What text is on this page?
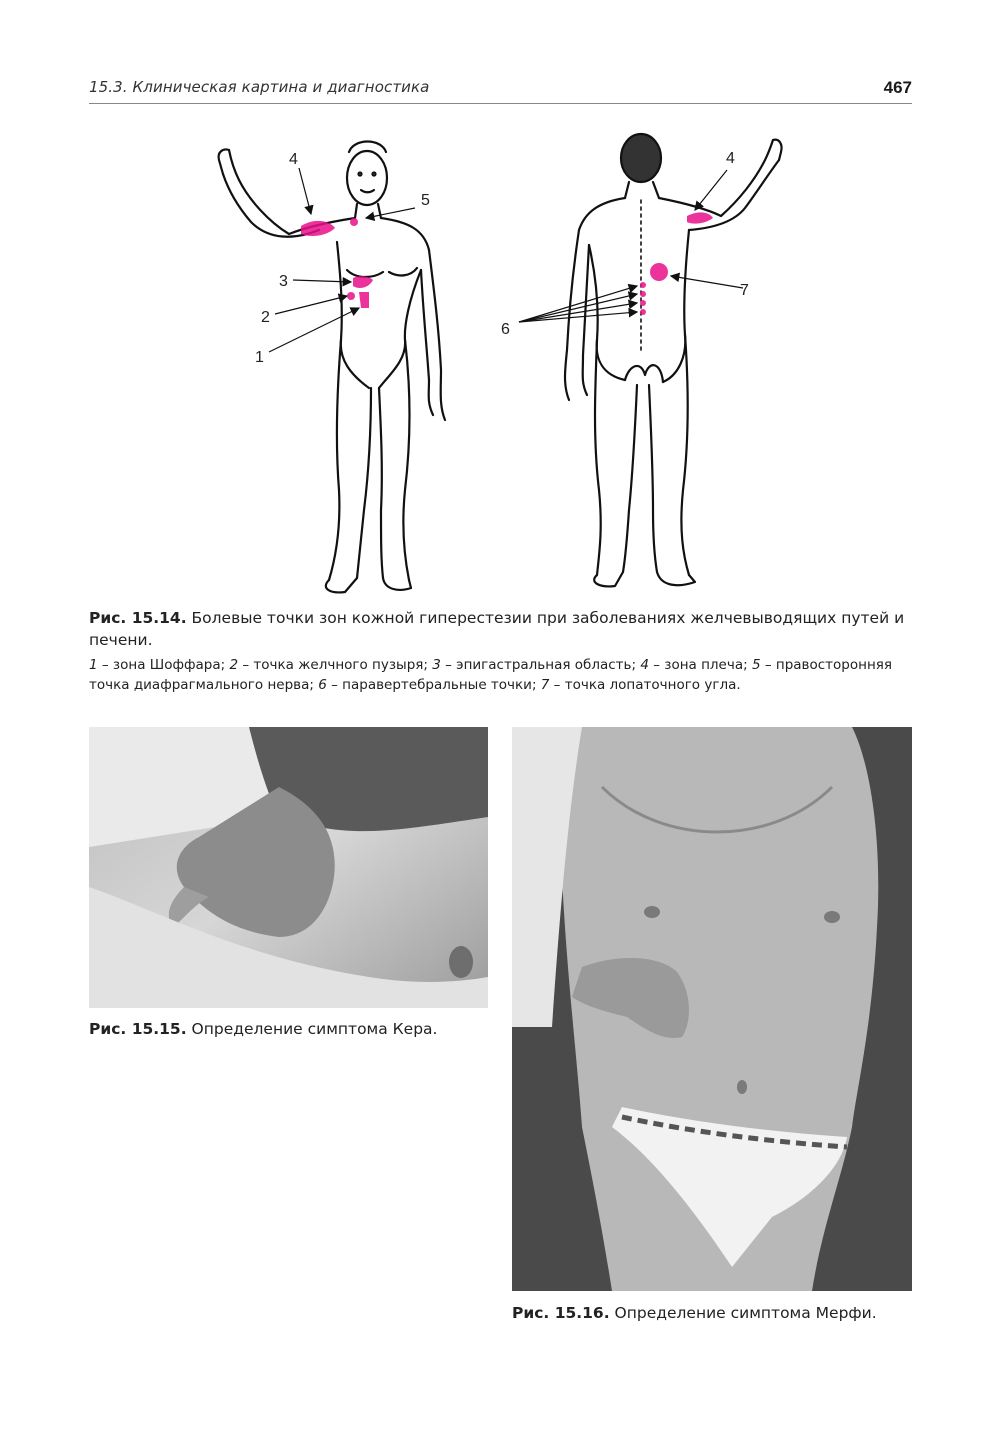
15.3. Клиническая картина и диагностика	467
4
5
3
2
1
4
7
6
Рис. 15.14. Болевые точки зон кожной гиперестезии при заболеваниях желчевыводящих путей и печени.
1 – зона Шоффара; 2 – точка желчного пузыря; 3 – эпигастральная область; 4 – зона плеча; 5 – правосторонняя точка диафрагмального нерва; 6 – паравертебральные точки; 7 – точка лопаточного угла.
Рис. 15.15. Определение симптома Кера.
Рис. 15.16. Определение симптома Мерфи.
